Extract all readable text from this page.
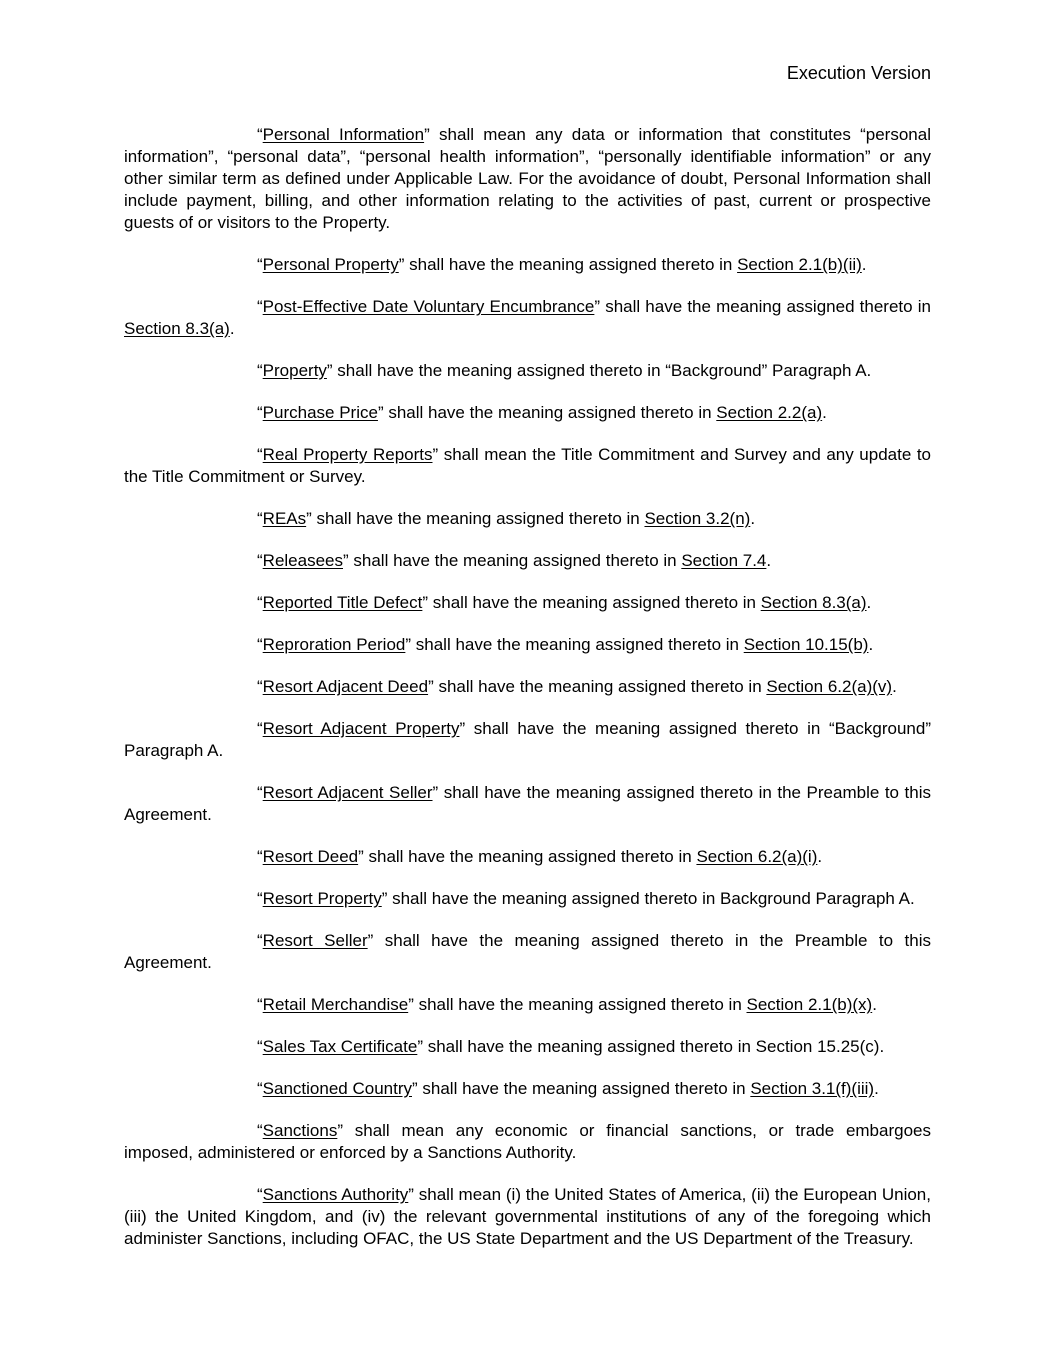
Execution Version

“Personal Information” shall mean any data or information that constitutes “personal information”, “personal data”, “personal health information”, “personally identifiable information” or any other similar term as defined under Applicable Law. For the avoidance of doubt, Personal Information shall include payment, billing, and other information relating to the activities of past, current or prospective guests of or visitors to the Property.

“Personal Property” shall have the meaning assigned thereto in Section 2.1(b)(ii).

“Post-Effective Date Voluntary Encumbrance” shall have the meaning assigned thereto in Section 8.3(a).

“Property” shall have the meaning assigned thereto in “Background” Paragraph A.

“Purchase Price” shall have the meaning assigned thereto in Section 2.2(a).

“Real Property Reports” shall mean the Title Commitment and Survey and any update to the Title Commitment or Survey.

“REAs” shall have the meaning assigned thereto in Section 3.2(n).

“Releasees” shall have the meaning assigned thereto in Section 7.4.

“Reported Title Defect” shall have the meaning assigned thereto in Section 8.3(a).

“Reproration Period” shall have the meaning assigned thereto in Section 10.15(b).

“Resort Adjacent Deed” shall have the meaning assigned thereto in Section 6.2(a)(v).

“Resort Adjacent Property” shall have the meaning assigned thereto in “Background” Paragraph A.

“Resort Adjacent Seller” shall have the meaning assigned thereto in the Preamble to this Agreement.

“Resort Deed” shall have the meaning assigned thereto in Section 6.2(a)(i).

“Resort Property” shall have the meaning assigned thereto in Background Paragraph A.

“Resort Seller” shall have the meaning assigned thereto in the Preamble to this Agreement.

“Retail Merchandise” shall have the meaning assigned thereto in Section 2.1(b)(x).

“Sales Tax Certificate” shall have the meaning assigned thereto in Section 15.25(c).

“Sanctioned Country” shall have the meaning assigned thereto in Section 3.1(f)(iii).

“Sanctions” shall mean any economic or financial sanctions, or trade embargoes imposed, administered or enforced by a Sanctions Authority.

“Sanctions Authority” shall mean (i) the United States of America, (ii) the European Union, (iii) the United Kingdom, and (iv) the relevant governmental institutions of any of the foregoing which administer Sanctions, including OFAC, the US State Department and the US Department of the Treasury.
